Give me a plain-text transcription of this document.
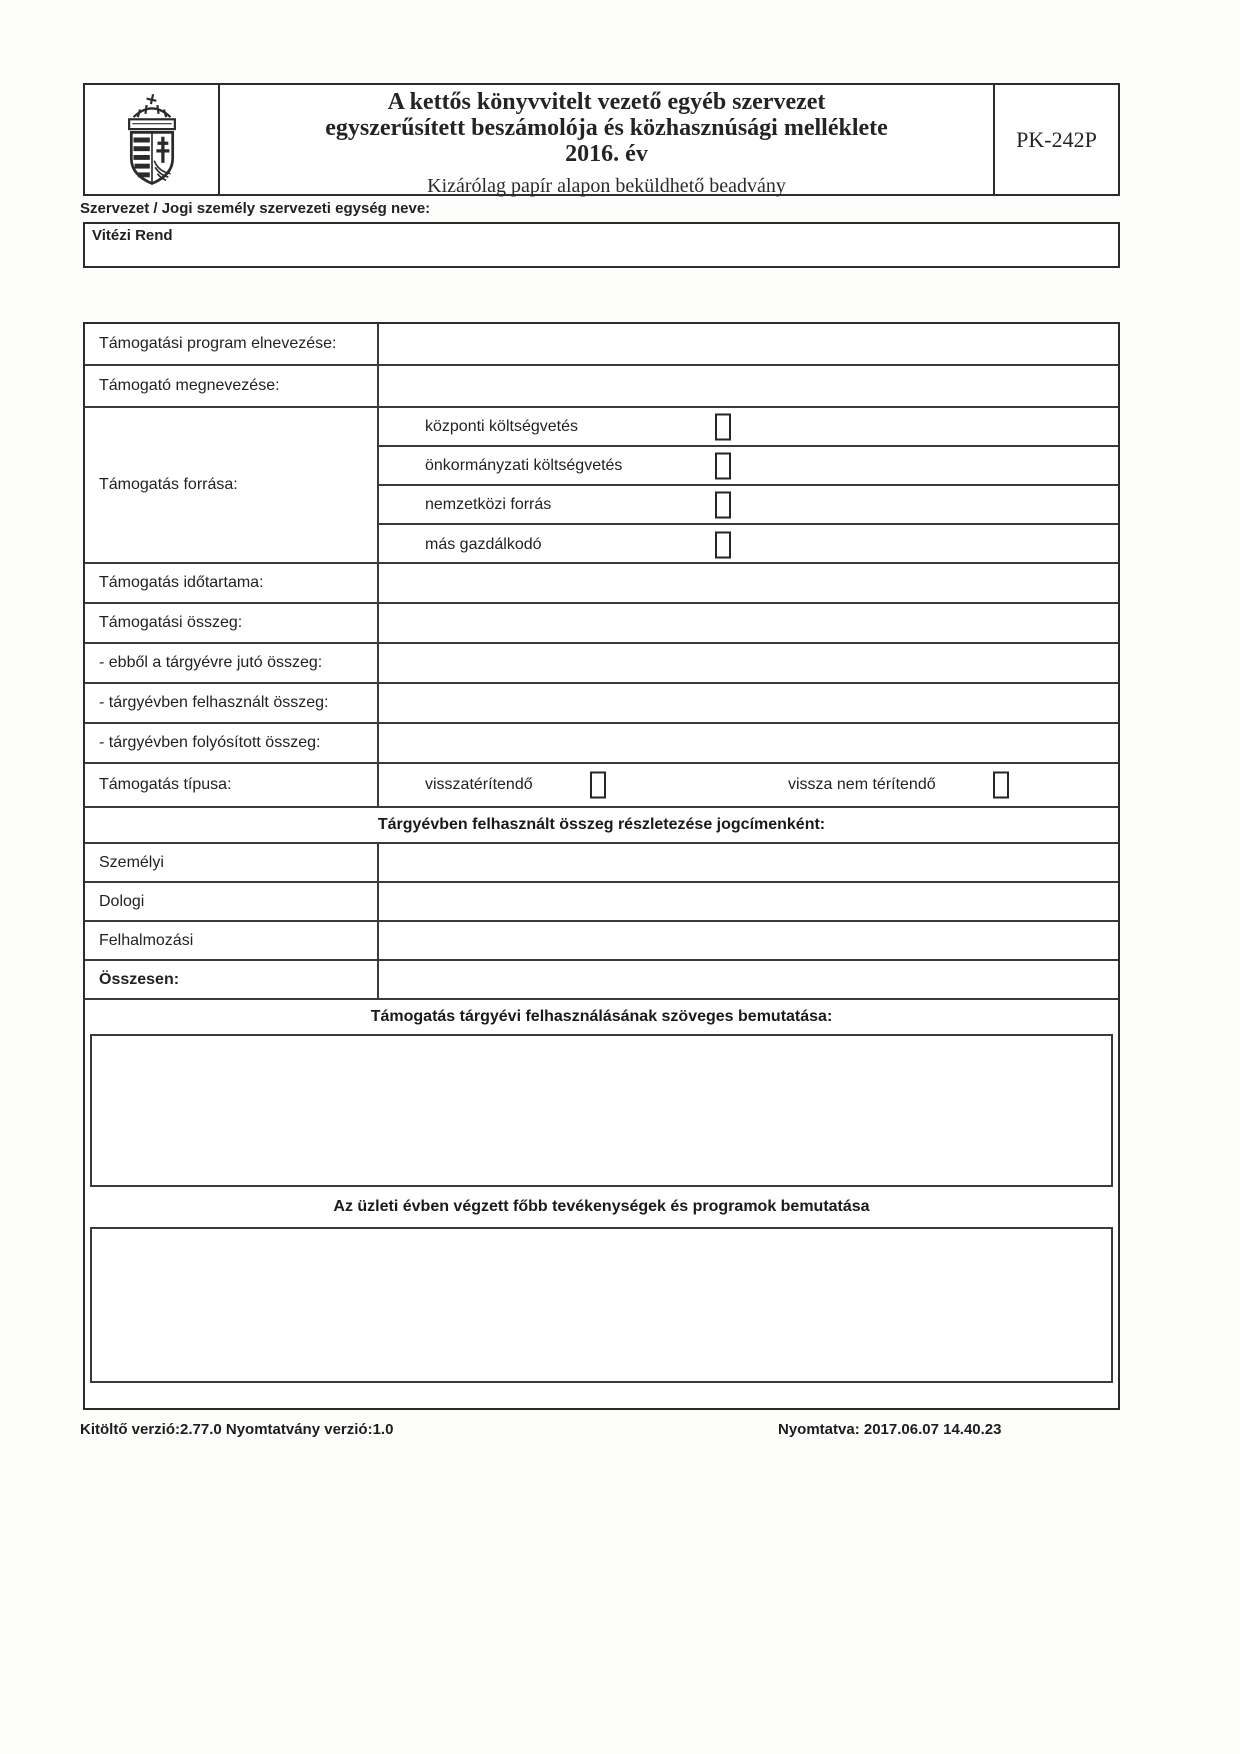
A kettős könyvvitelt vezető egyéb szervezet
egyszerűsített beszámolója és közhasznúsági melléklete
2016. év
Kizárólag papír alapon beküldhető beadvány
PK-242P
Szervezet / Jogi személy szervezeti egység neve:
Vitézi Rend
Támogatási program elnevezése:
Támogató megnevezése:
Támogatás forrása:
központi költségvetés
önkormányzati költségvetés
nemzetközi forrás
más gazdálkodó
Támogatás időtartama:
Támogatási összeg:
- ebből a tárgyévre jutó összeg:
- tárgyévben felhasznált összeg:
- tárgyévben folyósított összeg:
Támogatás típusa:	visszatérítendő	vissza nem térítendő
Tárgyévben felhasznált összeg részletezése jogcímenként:
Személyi
Dologi
Felhalmozási
Összesen:
Támogatás tárgyévi felhasználásának szöveges bemutatása:
Az üzleti évben végzett főbb tevékenységek és programok bemutatása
Kitöltő verzió:2.77.0 Nyomtatvány verzió:1.0	Nyomtatva: 2017.06.07 14.40.23
